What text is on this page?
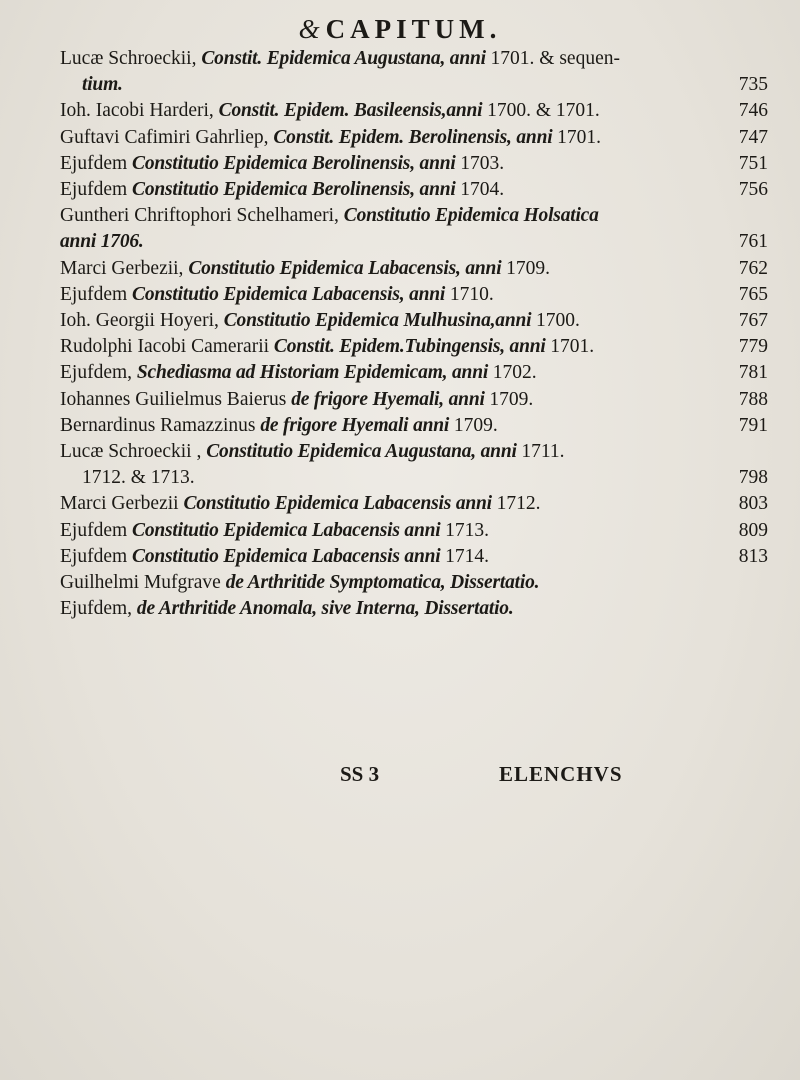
& CAPITUM.
Lucæ Schroeckii, Constit. Epidemica Augustana, anni 1701. & sequen-
tium.	735
Ioh. Iacobi Harderi, Constit. Epidem. Basileensis,anni 1700. & 1701.	746
Guftavi Cafimiri Gahrliep, Constit. Epidem. Berolinensis, anni 1701.	747
Ejufdem Constitutio Epidemica Berolinensis, anni 1703.	751
Ejufdem Constitutio Epidemica Berolinensis, anni 1704.	756
Guntheri Chriftophori Schelhameri, Constitutio Epidemica Holsatica
anni 1706.	761
Marci Gerbezii, Constitutio Epidemica Labacensis, anni 1709.	762
Ejufdem Constitutio Epidemica Labacensis, anni 1710.	765
Ioh. Georgii Hoyeri, Constitutio Epidemica Mulhusina,anni 1700.	767
Rudolphi Iacobi Camerarii Constit. Epidem.Tubingensis, anni 1701.	779
Ejufdem, Schediasma ad Historiam Epidemicam, anni 1702.	781
Iohannes Guilielmus Baierus de frigore Hyemali, anni 1709.	788
Bernardinus Ramazzinus de frigore Hyemali anni 1709.	791
Lucæ Schroeckii , Constitutio Epidemica Augustana, anni 1711.
1712. & 1713.	798
Marci Gerbezii Constitutio Epidemica Labacensis anni 1712.	803
Ejufdem Constitutio Epidemica Labacensis anni 1713.	809
Ejufdem Constitutio Epidemica Labacensis anni 1714.	813
Guilhelmi Mufgrave de Arthritide Symptomatica, Dissertatio.
Ejufdem, de Arthritide Anomala, sive Interna, Dissertatio.
SS 3	ELENCHVS
